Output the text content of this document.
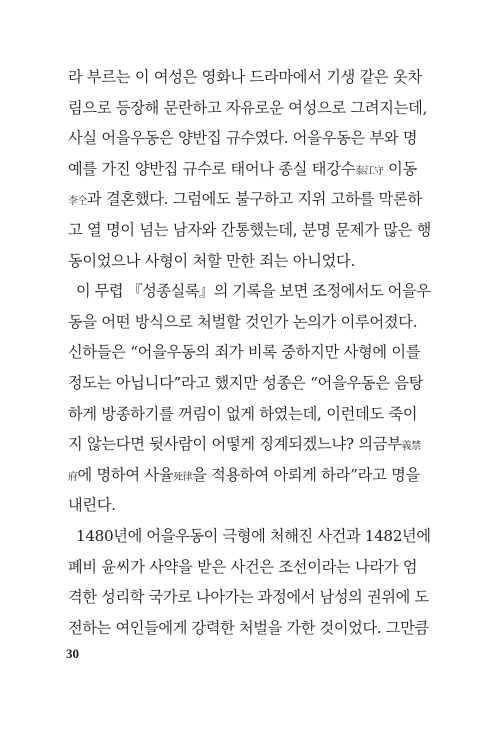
라 부르는 이 여성은 영화나 드라마에서 기생 같은 옷차
림으로 등장해 문란하고 자유로운 여성으로 그려지는데,
사실 어을우동은 양반집 규수였다. 어을우동은 부와 명
예를 가진 양반집 규수로 태어나 종실 태강수泰江守 이동
李仝과 결혼했다. 그럼에도 불구하고 지위 고하를 막론하
고 열 명이 넘는 남자와 간통했는데, 분명 문제가 많은 행
동이었으나 사형이 처할 만한 죄는 아니었다.
이 무렵 『성종실록』의 기록을 보면 조정에서도 어을우
동을 어떤 방식으로 처벌할 것인가 논의가 이루어졌다.
신하들은 “어을우동의 죄가 비록 중하지만 사형에 이를
정도는 아닙니다”라고 했지만 성종은 “어을우동은 음탕
하게 방종하기를 꺼림이 없게 하였는데, 이런데도 죽이
지 않는다면 뒷사람이 어떻게 징계되겠느냐? 의금부義禁
府에 명하여 사율死律을 적용하여 아뢰게 하라”라고 명을
내린다.
1480년에 어을우동이 극형에 처해진 사건과 1482년에
폐비 윤씨가 사약을 받은 사건은 조선이라는 나라가 엄
격한 성리학 국가로 나아가는 과정에서 남성의 권위에 도
전하는 여인들에게 강력한 처벌을 가한 것이었다. 그만큼
30
